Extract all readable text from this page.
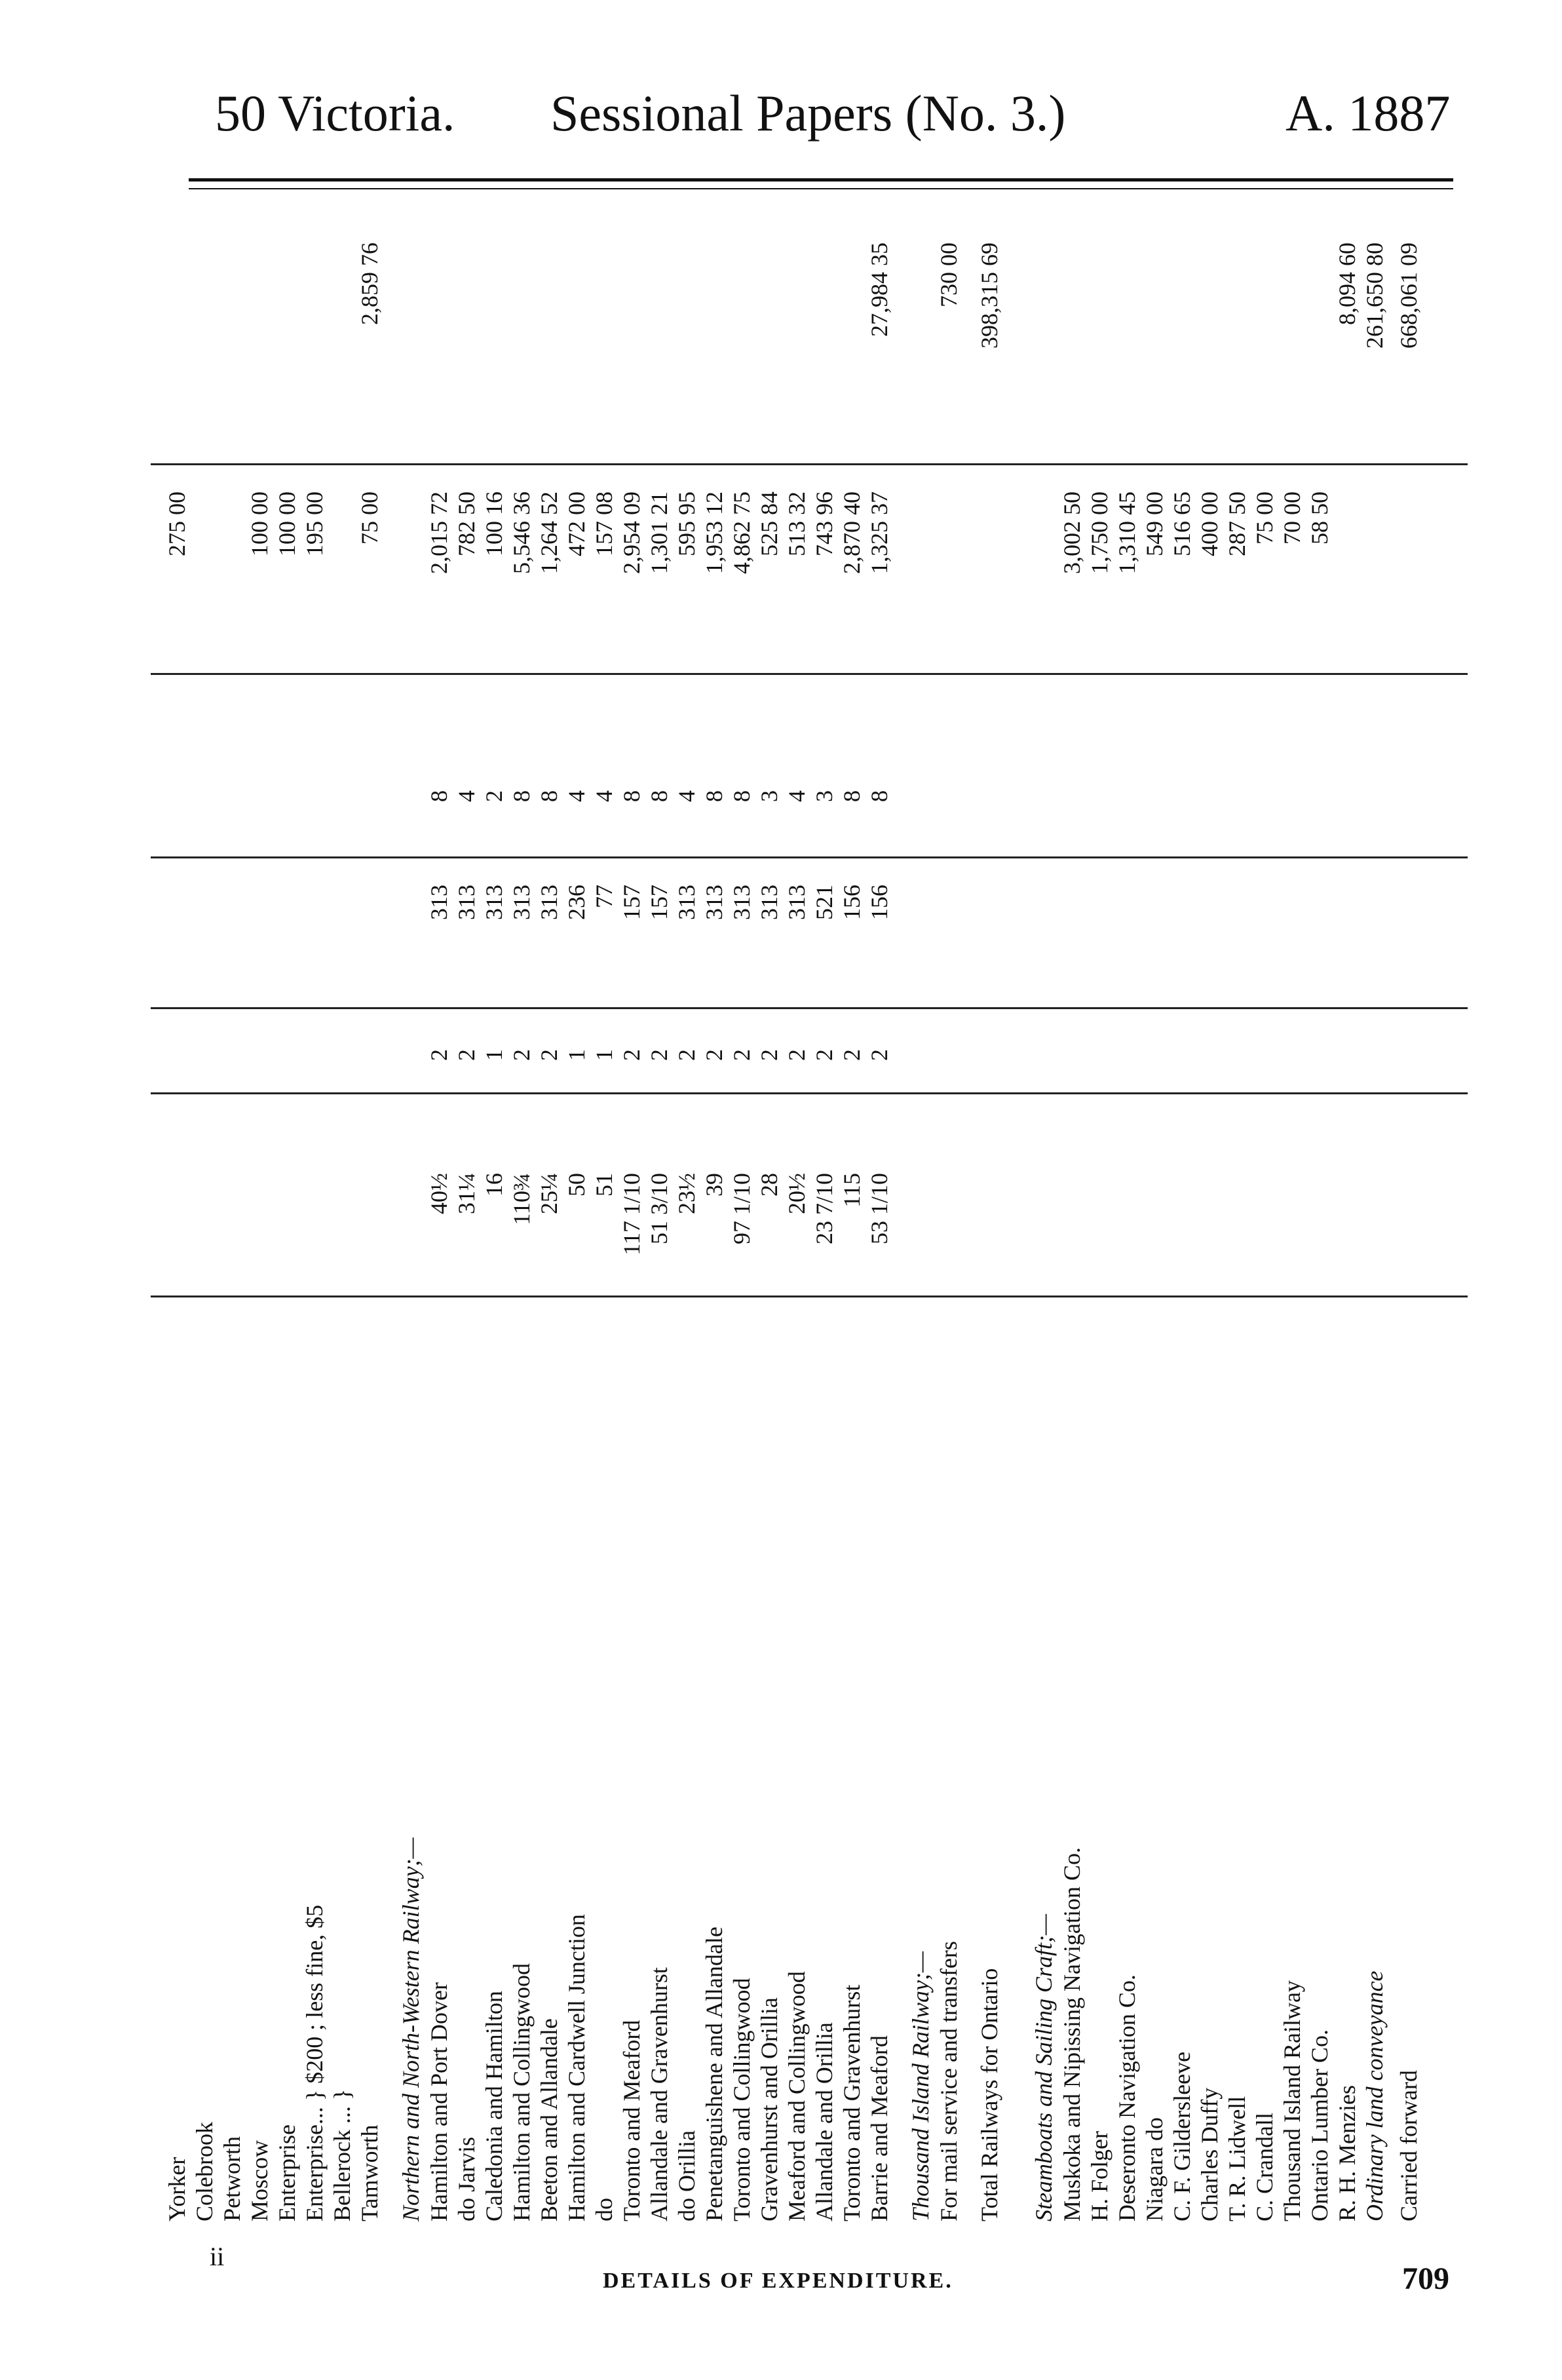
50 Victoria. Sessional Papers (No. 3.)	A. 1887
Yorker
275 00
Colebrook Petworth Moscow
100 00
Enterprise
100 00
Enterprise... } $200 ; less fine, $5
195 00
Bellerock ... } Tamworth
75 00
2,859 76
Northern and North-Western Railway;— Hamilton and Port Dover
40½
2
313
8
2,015 72
do Jarvis
31¼
2
313
4
782 50
Caledonia and Hamilton
16
1
313
2
100 16
Hamilton and Collingwood
110¾
2
313
8
5,546 36
Beeton and Allandale
25¼
2
313
8
1,264 52
Hamilton and Cardwell Junction
50
1
236
4
472 00
do
51
1
77
4
157 08
Toronto and Meaford
117 1/10
2
157
8
2,954 09
Allandale and Gravenhurst
51 3/10
2
157
8
1,301 21
do Orillia
23½
2
313
4
595 95
Penetanguishene and Allandale
39
2
313
8
1,953 12
Toronto and Collingwood
97 1/10
2
313
8
4,862 75
Gravenhurst and Orillia
28
2
313
3
525 84
Meaford and Collingwood
20½
2
313
4
513 32
Allandale and Orillia
23 7/10
2
521
3
743 96
Toronto and Gravenhurst
115
2
156
8
2,870 40
Barrie and Meaford
53 1/10
2
156
8
1,325 37
27,984 35
Thousand Island Railway;— For mail service and transfers
730 00
Total Railways for Ontario
398,315 69
Steamboats and Sailing Craft;— Muskoka and Nipissing Navigation Co.
3,002 50
H. Folger
1,750 00
Deseronto Navigation Co.
1,310 45
Niagara do
549 00
C. F. Gildersleeve
516 65
Charles Duffy
400 00
T. R. Lidwell
287 50
C. Crandall
75 00
Thousand Island Railway
70 00
Ontario Lumber Co.
58 50
R. H. Menzies
8,094 60
Ordinary land conveyance
261,650 80
Carried forward
668,061 09
ii
DETAILS OF EXPENDITURE.	709
